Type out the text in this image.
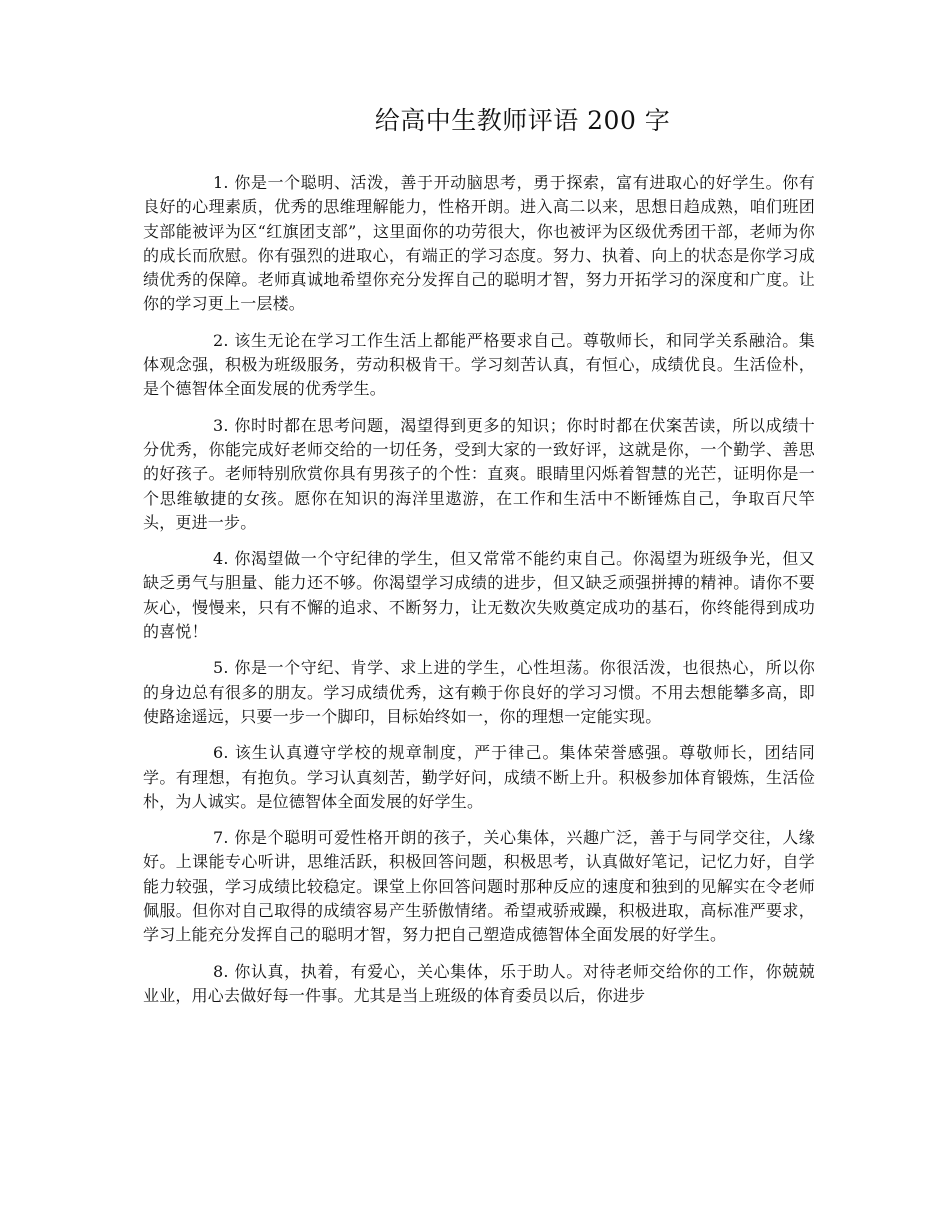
给高中生教师评语 200 字

1. 你是一个聪明、活泼，善于开动脑思考，勇于探索，富有进取心的好学生。你有良好的心理素质，优秀的思维理解能力，性格开朗。进入高二以来，思想日趋成熟，咱们班团支部能被评为区“红旗团支部”，这里面你的功劳很大，你也被评为区级优秀团干部，老师为你的成长而欣慰。你有强烈的进取心，有端正的学习态度。努力、执着、向上的状态是你学习成绩优秀的保障。老师真诚地希望你充分发挥自己的聪明才智，努力开拓学习的深度和广度。让你的学习更上一层楼。

2. 该生无论在学习工作生活上都能严格要求自己。尊敬师长，和同学关系融洽。集体观念强，积极为班级服务，劳动积极肯干。学习刻苦认真，有恒心，成绩优良。生活俭朴，是个德智体全面发展的优秀学生。

3. 你时时都在思考问题，渴望得到更多的知识；你时时都在伏案苦读，所以成绩十分优秀，你能完成好老师交给的一切任务，受到大家的一致好评，这就是你，一个勤学、善思的好孩子。老师特别欣赏你具有男孩子的个性：直爽。眼睛里闪烁着智慧的光芒，证明你是一个思维敏捷的女孩。愿你在知识的海洋里遨游，在工作和生活中不断锤炼自己，争取百尺竿头，更进一步。

4. 你渴望做一个守纪律的学生，但又常常不能约束自己。你渴望为班级争光，但又缺乏勇气与胆量、能力还不够。你渴望学习成绩的进步，但又缺乏顽强拼搏的精神。请你不要灰心，慢慢来，只有不懈的追求、不断努力，让无数次失败奠定成功的基石，你终能得到成功的喜悦！

5. 你是一个守纪、肯学、求上进的学生，心性坦荡。你很活泼，也很热心，所以你的身边总有很多的朋友。学习成绩优秀，这有赖于你良好的学习习惯。不用去想能攀多高，即使路途遥远，只要一步一个脚印，目标始终如一，你的理想一定能实现。

6. 该生认真遵守学校的规章制度，严于律己。集体荣誉感强。尊敬师长，团结同学。有理想，有抱负。学习认真刻苦，勤学好问，成绩不断上升。积极参加体育锻炼，生活俭朴，为人诚实。是位德智体全面发展的好学生。

7. 你是个聪明可爱性格开朗的孩子，关心集体，兴趣广泛，善于与同学交往，人缘好。上课能专心听讲，思维活跃，积极回答问题，积极思考，认真做好笔记，记忆力好，自学能力较强，学习成绩比较稳定。课堂上你回答问题时那种反应的速度和独到的见解实在令老师佩服。但你对自己取得的成绩容易产生骄傲情绪。希望戒骄戒躁，积极进取，高标准严要求，学习上能充分发挥自己的聪明才智，努力把自己塑造成德智体全面发展的好学生。

8. 你认真，执着，有爱心，关心集体，乐于助人。对待老师交给你的工作，你兢兢业业，用心去做好每一件事。尤其是当上班级的体育委员以后，你进步
